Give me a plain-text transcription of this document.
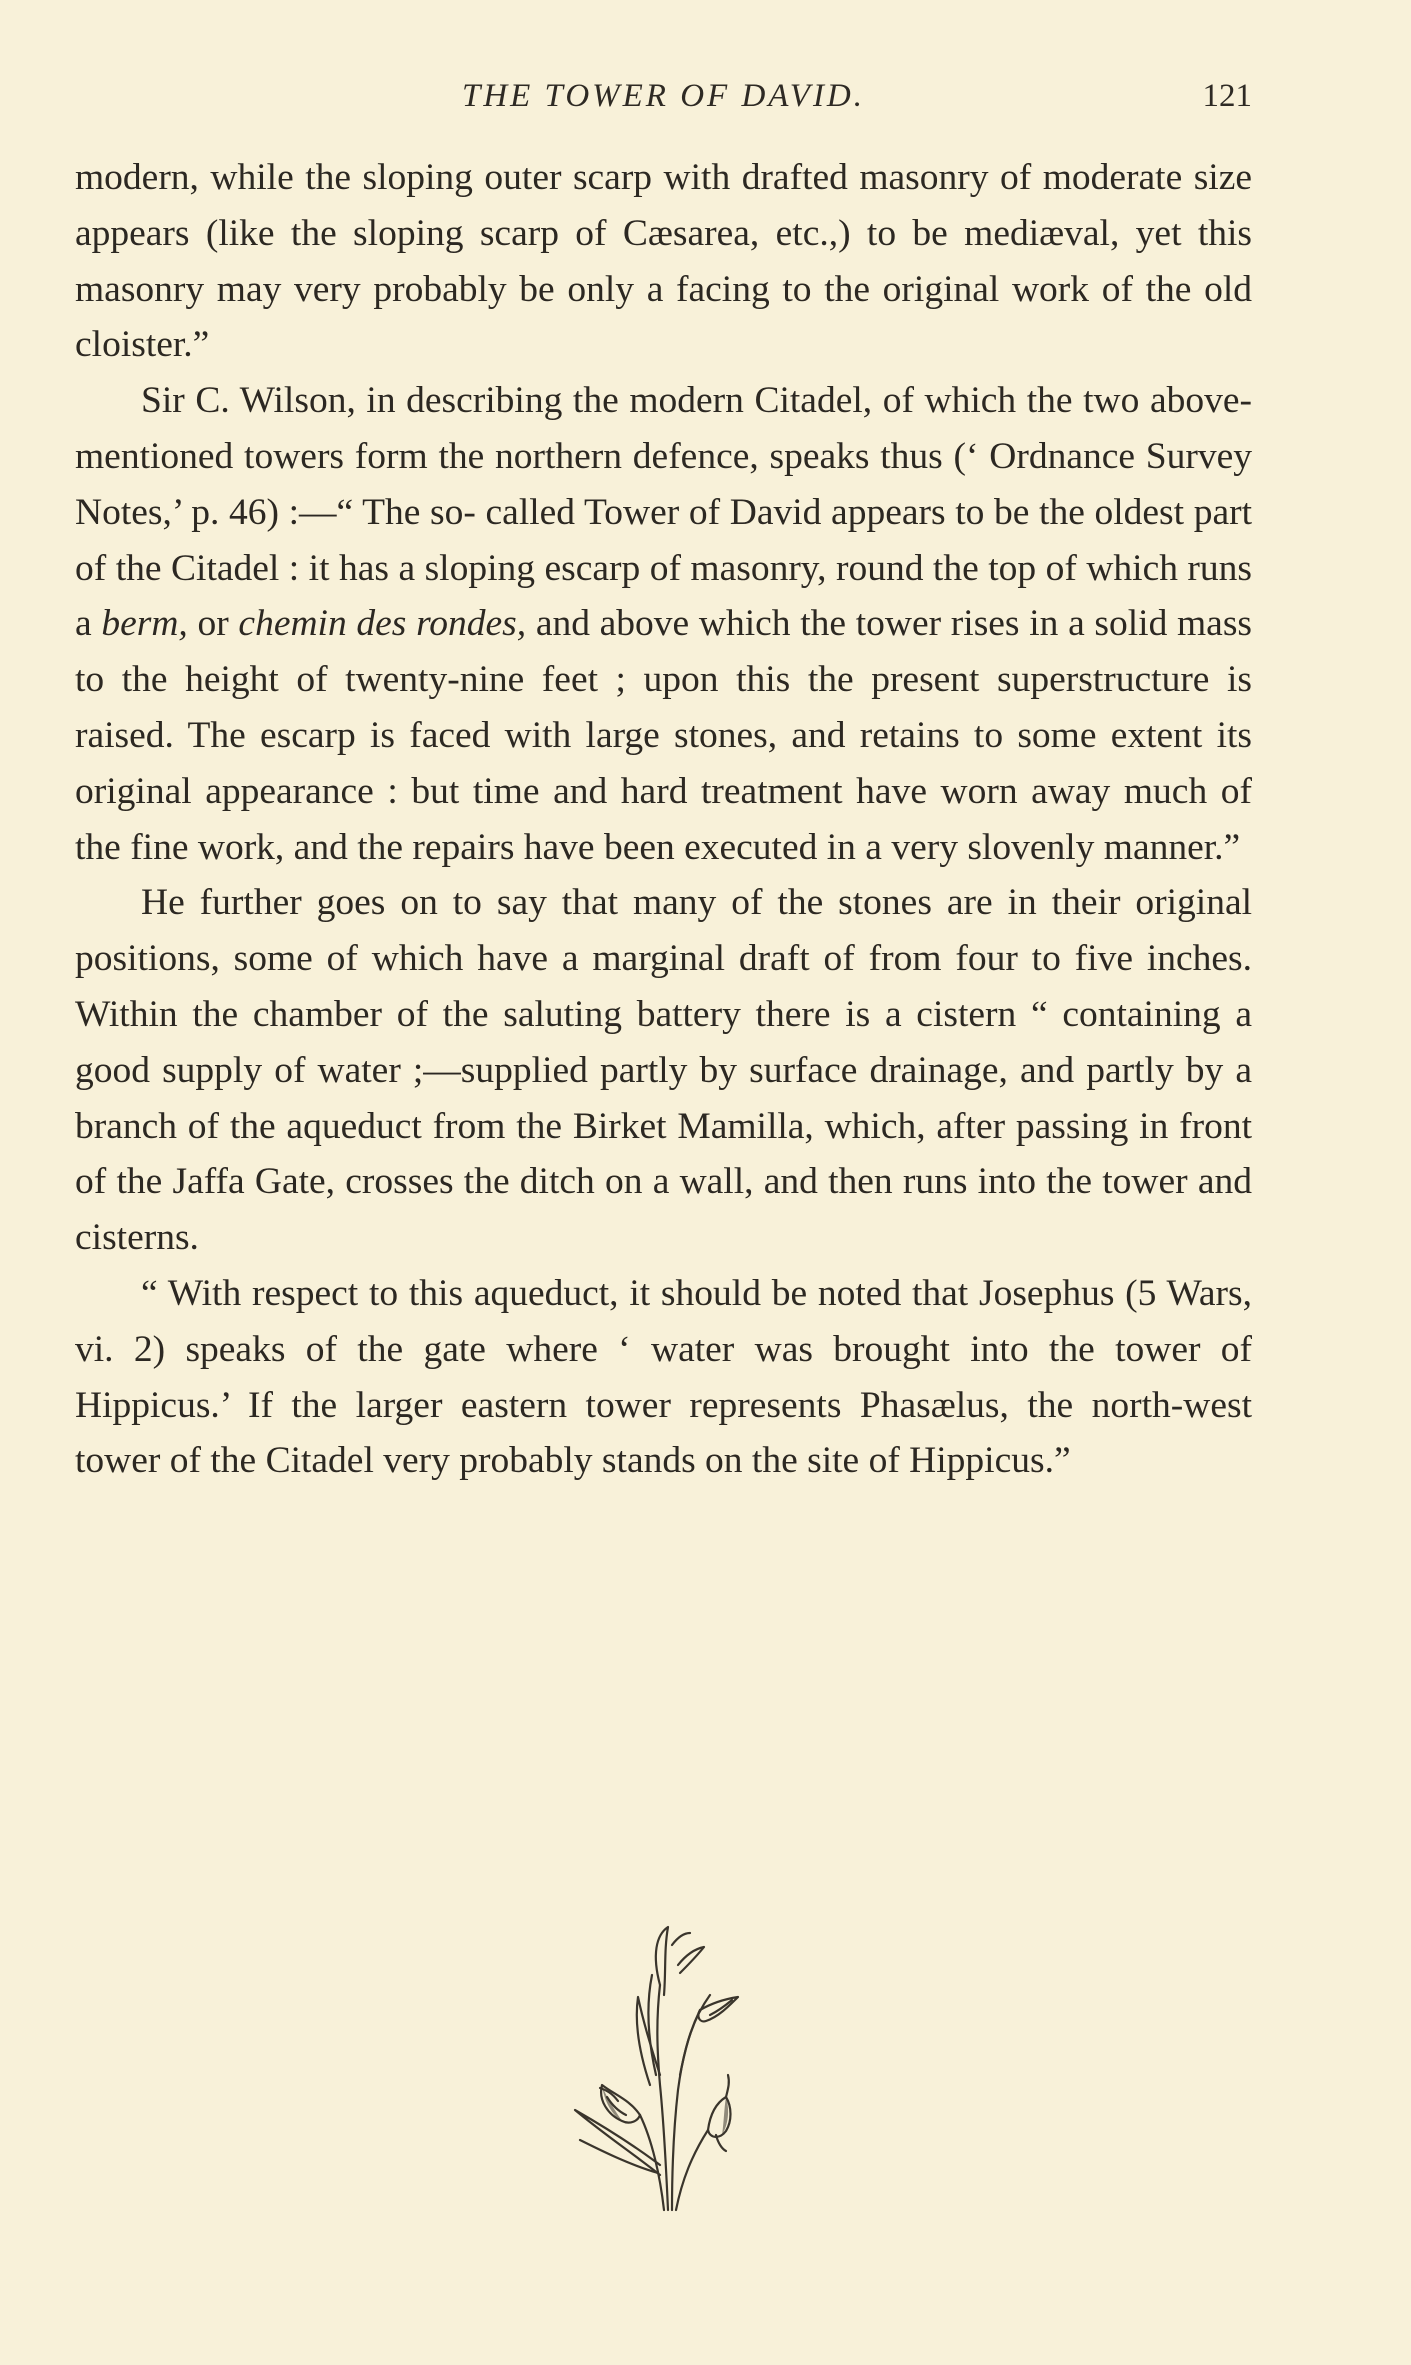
THE TOWER OF DAVID.	121

modern, while the sloping outer scarp with drafted masonry of moderate size appears (like the sloping scarp of Cæsarea, etc.,) to be mediæval, yet this masonry may very probably be only a facing to the original work of the old cloister.”

Sir C. Wilson, in describing the modern Citadel, of which the two above-mentioned towers form the northern defence, speaks thus (‘ Ordnance Survey Notes,’ p. 46) :—“ The so- called Tower of David appears to be the oldest part of the Citadel : it has a sloping escarp of masonry, round the top of which runs a berm, or chemin des rondes, and above which the tower rises in a solid mass to the height of twenty-nine feet ; upon this the present superstructure is raised. The escarp is faced with large stones, and retains to some extent its original appearance : but time and hard treatment have worn away much of the fine work, and the repairs have been executed in a very slovenly manner.”

He further goes on to say that many of the stones are in their original positions, some of which have a marginal draft of from four to five inches. Within the chamber of the saluting battery there is a cistern “ containing a good supply of water ;—supplied partly by surface drainage, and partly by a branch of the aqueduct from the Birket Mamilla, which, after passing in front of the Jaffa Gate, crosses the ditch on a wall, and then runs into the tower and cisterns.

“ With respect to this aqueduct, it should be noted that Josephus (5 Wars, vi. 2) speaks of the gate where ‘ water was brought into the tower of Hippicus.’ If the larger eastern tower represents Phasælus, the north-west tower of the Citadel very probably stands on the site of Hippicus.”
